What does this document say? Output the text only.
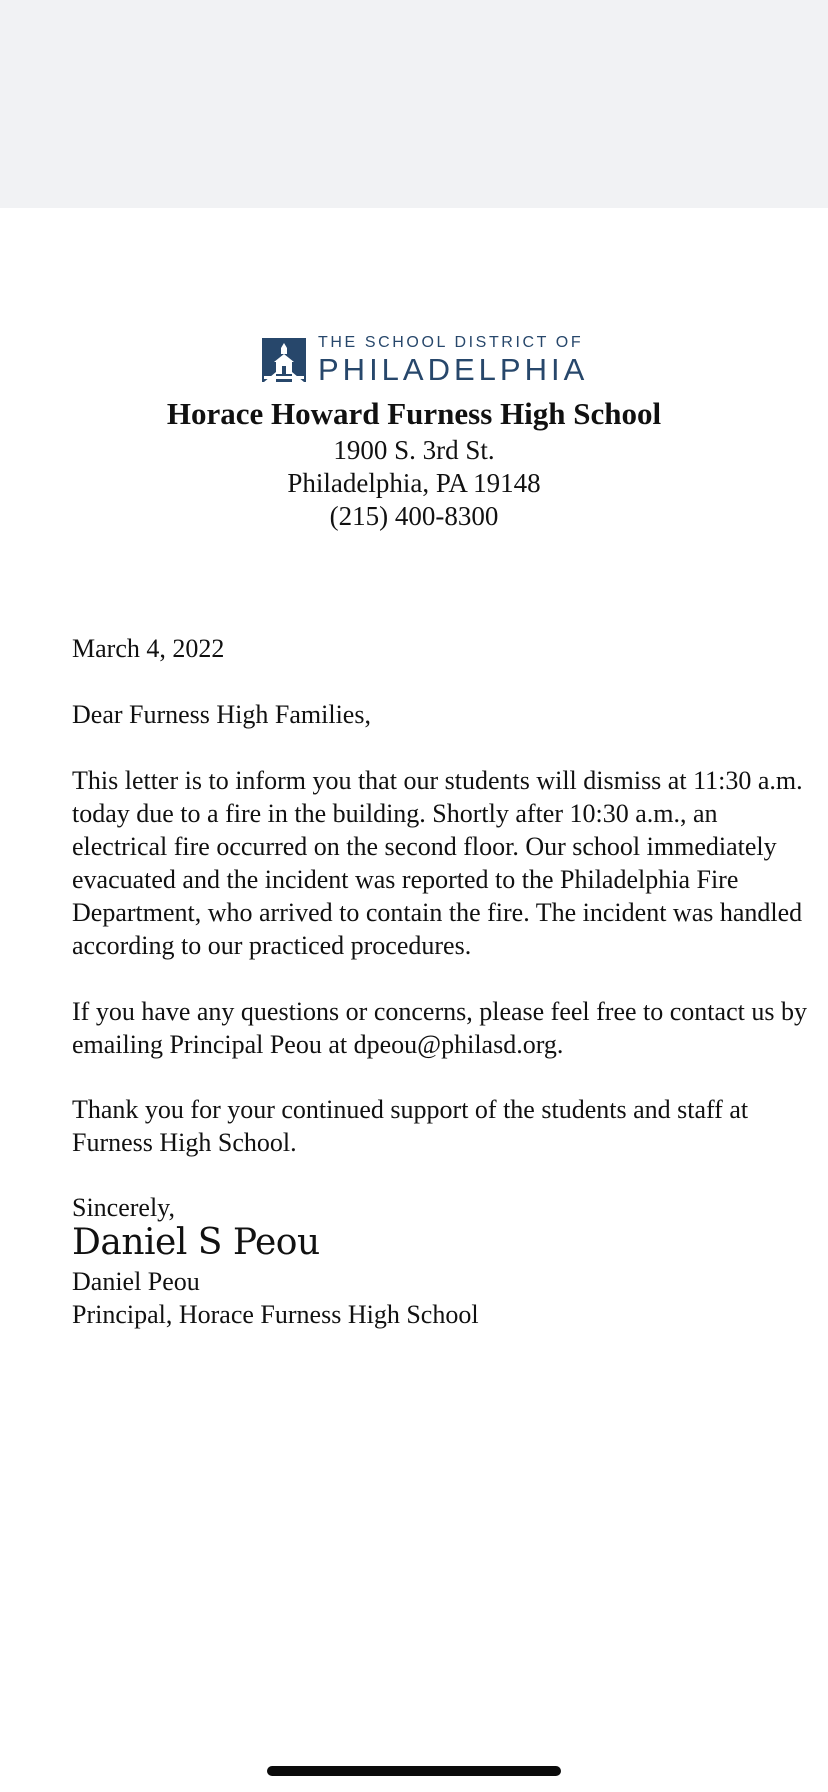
THE SCHOOL DISTRICT OF
PHILADELPHIA
Horace Howard Furness High School
1900 S. 3rd St.
Philadelphia, PA 19148
(215) 400-8300
March 4, 2022
Dear Furness High Families,
This letter is to inform you that our students will dismiss at 11:30 a.m. today due to a fire in the building. Shortly after 10:30 a.m., an electrical fire occurred on the second floor. Our school immediately evacuated and the incident was reported to the Philadelphia Fire Department, who arrived to contain the fire. The incident was handled according to our practiced procedures.
If you have any questions or concerns, please feel free to contact us by emailing Principal Peou at dpeou@philasd.org.
Thank you for your continued support of the students and staff at Furness High School.
Sincerely,
Daniel S Peou
Daniel Peou
Principal, Horace Furness High School
